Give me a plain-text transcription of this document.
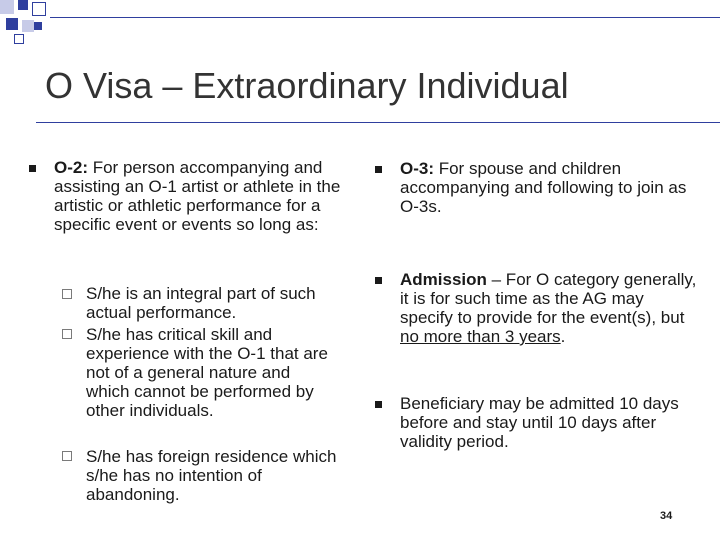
O Visa – Extraordinary Individual
O-2: For person accompanying and assisting an O-1 artist or athlete in the artistic or athletic performance for a specific event or events so long as:
S/he is an integral part of such actual performance.
S/he has critical skill and experience with the O-1 that are not of a general nature and which cannot be performed by other individuals.
S/he has foreign residence which s/he has no intention of abandoning.
O-3: For spouse and children accompanying and following to join as O-3s.
Admission – For O category generally, it is for such time as the AG may specify to provide for the event(s), but no more than 3 years.
Beneficiary may be admitted 10 days before and stay until 10 days after validity period.
34
